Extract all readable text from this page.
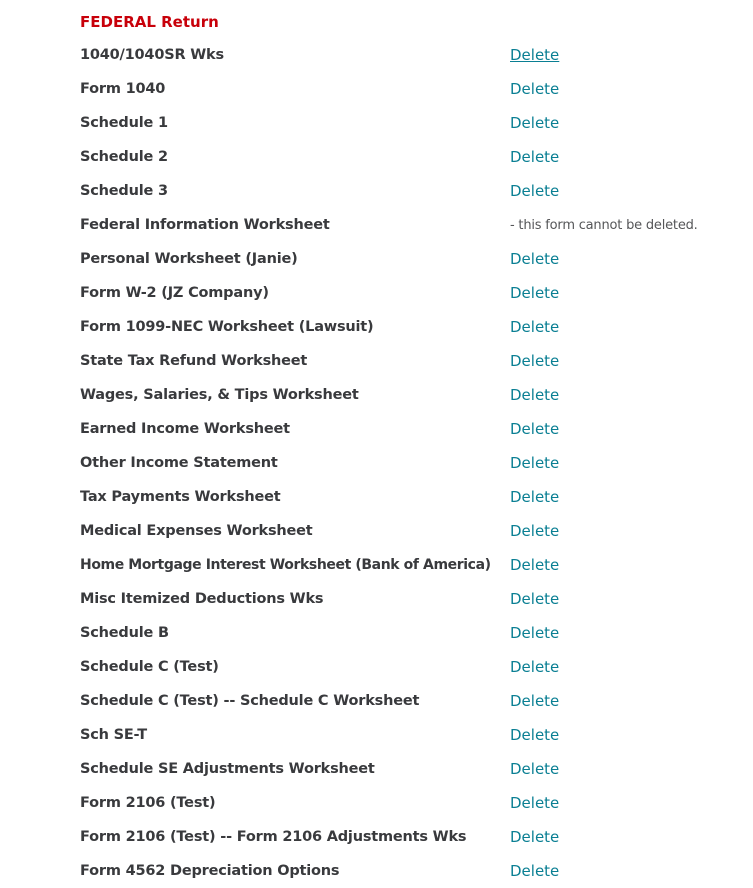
FEDERAL Return
1040/1040SR Wks	Delete
Form 1040	Delete
Schedule 1	Delete
Schedule 2	Delete
Schedule 3	Delete
Federal Information Worksheet	- this form cannot be deleted.
Personal Worksheet (Janie)	Delete
Form W-2 (JZ Company)	Delete
Form 1099-NEC Worksheet (Lawsuit)	Delete
State Tax Refund Worksheet	Delete
Wages, Salaries, & Tips Worksheet	Delete
Earned Income Worksheet	Delete
Other Income Statement	Delete
Tax Payments Worksheet	Delete
Medical Expenses Worksheet	Delete
Home Mortgage Interest Worksheet (Bank of America) Delete
Misc Itemized Deductions Wks	Delete
Schedule B	Delete
Schedule C (Test)	Delete
Schedule C (Test) -- Schedule C Worksheet	Delete
Sch SE-T	Delete
Schedule SE Adjustments Worksheet	Delete
Form 2106 (Test)	Delete
Form 2106 (Test) -- Form 2106 Adjustments Wks	Delete
Form 4562 Depreciation Options	Delete
